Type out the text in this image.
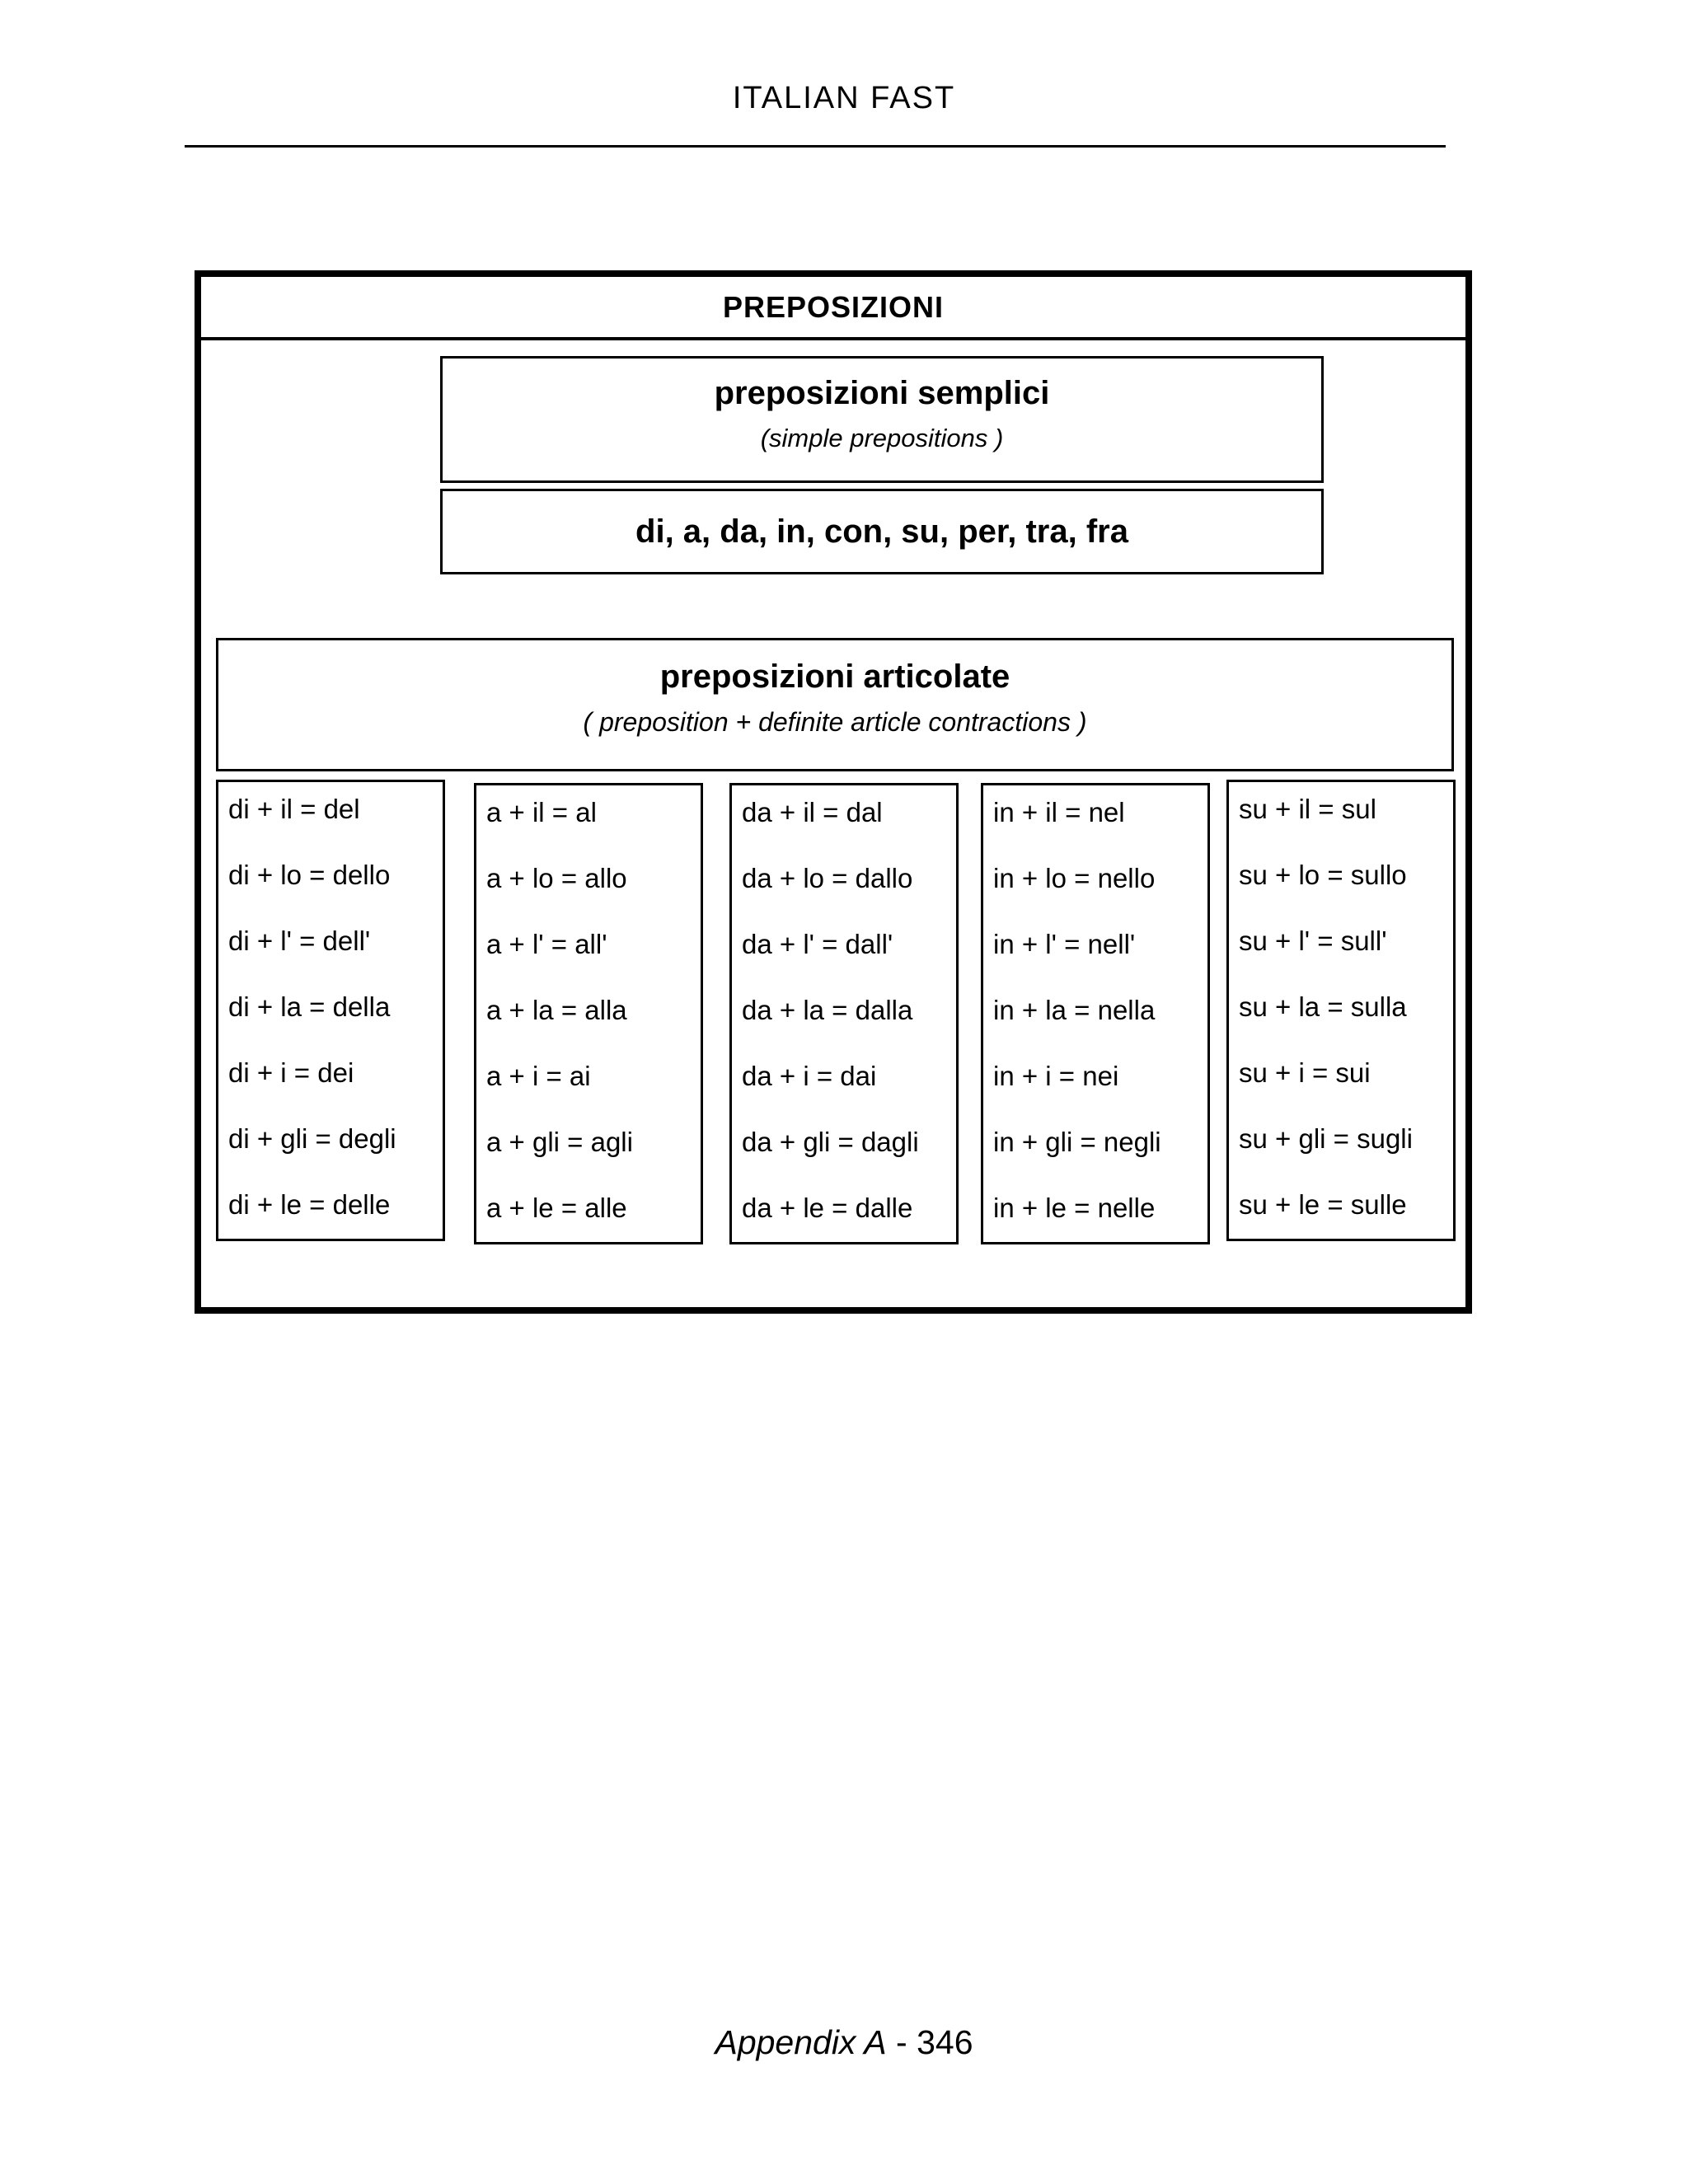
ITALIAN FAST
PREPOSIZIONI
preposizioni semplici
(simple prepositions )
di, a, da, in, con, su, per, tra, fra
preposizioni articolate
( preposition + definite article contractions )
di + il = del
di + lo = dello
di + l' = dell'
di + la = della
di + i = dei
di + gli = degli
di + le = delle
a + il = al
a + lo = allo
a + l' = all'
a + la = alla
a + i = ai
a + gli = agli
a + le = alle
da + il = dal
da + lo = dallo
da + l' = dall'
da + la = dalla
da + i = dai
da + gli = dagli
da + le = dalle
in + il = nel
in + lo = nello
in + l' = nell'
in + la = nella
in + i = nei
in + gli = negli
in + le = nelle
su + il = sul
su + lo = sullo
su + l' = sull'
su + la = sulla
su + i = sui
su + gli = sugli
su + le = sulle
Appendix A - 346
